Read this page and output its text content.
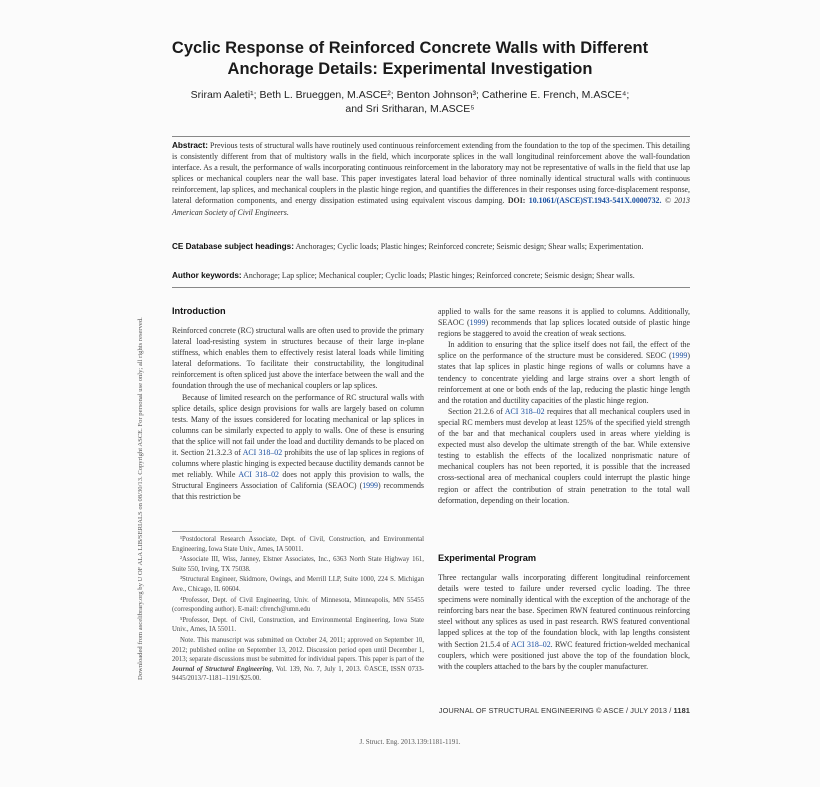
Downloaded from ascelibrary.org by U OF ALA LIB/SERIALS on 08/30/13. Copyright ASCE. For personal use only; all rights reserved.
Cyclic Response of Reinforced Concrete Walls with Different Anchorage Details: Experimental Investigation
Sriram Aaleti¹; Beth L. Brueggen, M.ASCE²; Benton Johnson³; Catherine E. French, M.ASCE⁴;
and Sri Sritharan, M.ASCE⁵
Abstract: Previous tests of structural walls have routinely used continuous reinforcement extending from the foundation to the top of the specimen. This detailing is consistently different from that of multistory walls in the field, which incorporate splices in the wall longitudinal reinforcement above the wall-foundation interface. As a result, the performance of walls incorporating continuous reinforcement in the laboratory may not be representative of walls in the field that use lap splices or mechanical couplers near the wall base. This paper investigates lateral load behavior of three nominally identical structural walls with continuous reinforcement, lap splices, and mechanical couplers in the plastic hinge region, and quantifies the differences in their responses using force-displacement response, lateral deformation components, and energy dissipation estimated using equivalent viscous damping. DOI: 10.1061/(ASCE)ST.1943-541X.0000732. © 2013 American Society of Civil Engineers.
CE Database subject headings: Anchorages; Cyclic loads; Plastic hinges; Reinforced concrete; Seismic design; Shear walls; Experimentation.
Author keywords: Anchorage; Lap splice; Mechanical coupler; Cyclic loads; Plastic hinges; Reinforced concrete; Seismic design; Shear walls.
Introduction

Reinforced concrete (RC) structural walls are often used to provide the primary lateral load-resisting system in structures because of their large in-plane stiffness, which enables them to effectively resist lateral loads while limiting lateral deformations. To facilitate their constructability, the longitudinal reinforcement is often spliced just above the interface between the wall and the foundation through the use of mechanical couplers or lap splices.

Because of limited research on the performance of RC structural walls with splice details, splice design provisions for walls are largely based on column tests. Many of the issues considered for locating mechanical or lap splices in columns can be similarly expected to apply to walls. One of these is ensuring that the splice will not fail under the load and ductility demands to be placed on it. Section 21.3.2.3 of ACI 318–02 prohibits the use of lap splices in regions of columns where plastic hinging is expected because ductility demands cannot be met reliably. While ACI 318–02 does not apply this provision to walls, the Structural Engineers Association of California (SEAOC) (1999) recommends that this restriction be

¹Postdoctoral Research Associate, Dept. of Civil, Construction, and Environmental Engineering, Iowa State Univ., Ames, IA 50011.

²Associate III, Wiss, Janney, Elstner Associates, Inc., 6363 North State Highway 161, Suite 550, Irving, TX 75038.

³Structural Engineer, Skidmore, Owings, and Merrill LLP, Suite 1000, 224 S. Michigan Ave., Chicago, IL 60604.

⁴Professor, Dept. of Civil Engineering, Univ. of Minnesota, Minneapolis, MN 55455 (corresponding author). E-mail: cfrench@umn.edu

⁵Professor, Dept. of Civil, Construction, and Environmental Engineering, Iowa State Univ., Ames, IA 55011.

Note. This manuscript was submitted on October 24, 2011; approved on September 10, 2012; published online on September 13, 2012. Discussion period open until December 1, 2013; separate discussions must be submitted for individual papers. This paper is part of the Journal of Structural Engineering, Vol. 139, No. 7, July 1, 2013. ©ASCE, ISSN 0733-9445/2013/7-1181–1191/$25.00.

applied to walls for the same reasons it is applied to columns. Additionally, SEAOC (1999) recommends that lap splices located outside of plastic hinge regions be staggered to avoid the creation of weak sections.

In addition to ensuring that the splice itself does not fail, the effect of the splice on the performance of the structure must be considered. SEOC (1999) states that lap splices in plastic hinge regions of walls or columns have a tendency to concentrate yielding and large strains over a short length of reinforcement at one or both ends of the lap, reducing the plastic hinge length and the rotation and ductility capacities of the plastic hinge region.

Section 21.2.6 of ACI 318–02 requires that all mechanical couplers used in special RC members must develop at least 125% of the specified yield strength of the bar and that mechanical couplers used in areas where yielding is expected must also develop the ultimate strength of the bar. While extensive testing to establish the effects of the localized nonprismatic nature of mechanical couplers has not been reported, it is possible that the increased cross-sectional area of mechanical couplers could interrupt the plastic hinge region or affect the contribution of strain penetration to the total wall deformation, depending on their location.

Experimental Program

Three rectangular walls incorporating different longitudinal reinforcement details were tested to failure under reversed cyclic loading. The three specimens were nominally identical with the exception of the anchorage of the reinforcing bars near the base. Specimen RWN featured continuous reinforcing steel without any splices as used in past research. RWS featured conventional lapped splices at the top of the foundation block, with lap lengths consistent with Section 21.5.4 of ACI 318–02. RWC featured friction-welded mechanical couplers, which were positioned just above the top of the foundation block, with the couplers attached to the bars by the coupler manufacturer.

JOURNAL OF STRUCTURAL ENGINEERING © ASCE / JULY 2013 / 1181
J. Struct. Eng. 2013.139:1181-1191.
